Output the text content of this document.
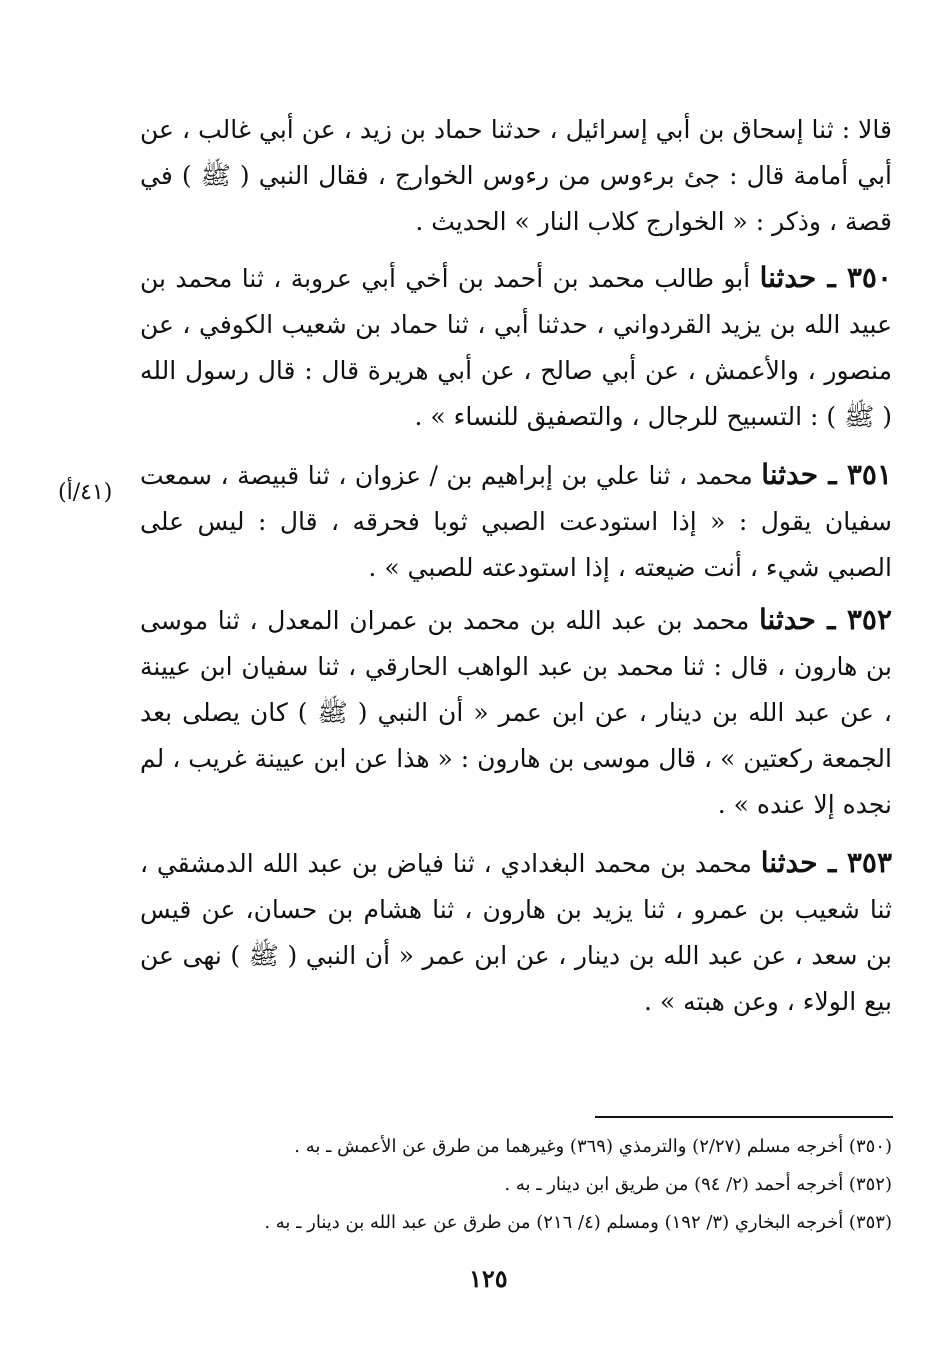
قالا : ثنا إسحاق بن أبي إسرائيل ، حدثنا حماد بن زيد ، عن أبي غالب ، عن أبي أمامة قال : جئ برءوس من رءوس الخوارج ، فقال النبي ( ﷺ ) في قصة ، وذكر : « الخوارج كلاب النار » الحديث .

٣٥٠ ـ حدثنا أبو طالب محمد بن أحمد بن أخي أبي عروبة ، ثنا محمد بن عبيد الله بن يزيد القردواني ، حدثنا أبي ، ثنا حماد بن شعيب الكوفي ، عن منصور ، والأعمش ، عن أبي صالح ، عن أبي هريرة قال : قال رسول الله ( ﷺ ) : التسبيح للرجال ، والتصفيق للنساء » .

٣٥١ ـ حدثنا محمد ، ثنا علي بن إبراهيم بن / عزوان ، ثنا قبيصة ، سمعت سفيان يقول : « إذا استودعت الصبي ثوبا فحرقه ، قال : ليس على الصبي شيء ، أنت ضيعته ، إذا استودعته للصبي » .

٣٥٢ ـ حدثنا محمد بن عبد الله بن محمد بن عمران المعدل ، ثنا موسى بن هارون ، قال : ثنا محمد بن عبد الواهب الحارقي ، ثنا سفيان ابن عيينة ، عن عبد الله بن دينار ، عن ابن عمر « أن النبي ( ﷺ ) كان يصلى بعد الجمعة ركعتين » ، قال موسى بن هارون : « هذا عن ابن عيينة غريب ، لم نجده إلا عنده » .

٣٥٣ ـ حدثنا محمد بن محمد البغدادي ، ثنا فياض بن عبد الله الدمشقي ، ثنا شعيب بن عمرو ، ثنا يزيد بن هارون ، ثنا هشام بن حسان، عن قيس بن سعد ، عن عبد الله بن دينار ، عن ابن عمر « أن النبي ( ﷺ ) نهى عن بيع الولاء ، وعن هبته » .

(٤١/أ)

(٣٥٠) أخرجه مسلم (٢/٢٧) والترمذي (٣٦٩) وغيرهما من طرق عن الأعمش ـ به .

(٣٥٢) أخرجه أحمد (٢/ ٩٤) من طريق ابن دينار ـ به .

(٣٥٣) أخرجه البخاري (٣/ ١٩٢) ومسلم (٤/ ٢١٦) من طرق عن عبد الله بن دينار ـ به .

١٢٥
